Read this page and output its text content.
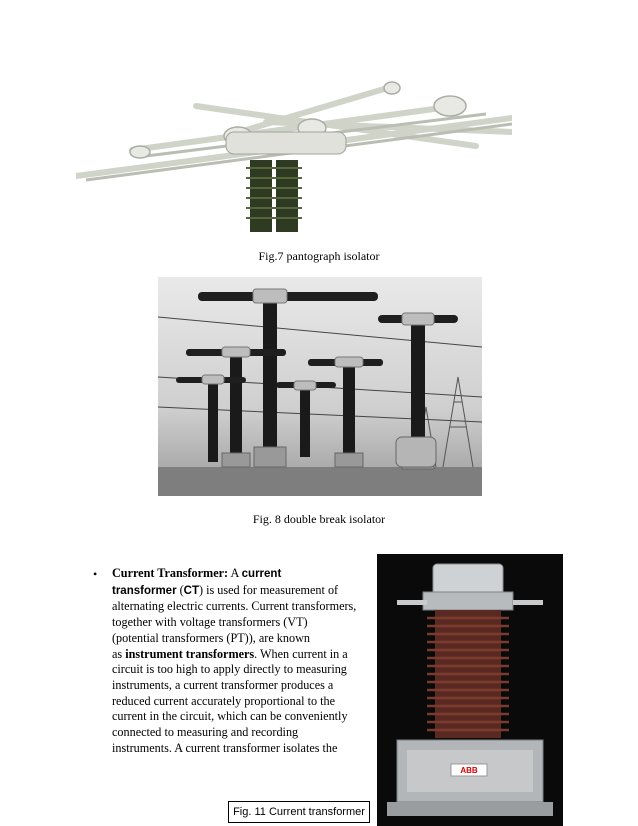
Fig.7 pantograph isolator
Fig. 8 double break isolator
• Current Transformer: A current
transformer (CT) is used for measurement of
alternating electric currents. Current transformers,
together with voltage transformers (VT)
(potential transformers (PT)), are known
as instrument transformers. When current in a
circuit is too high to apply directly to measuring
instruments, a current transformer produces a
reduced current accurately proportional to the
current in the circuit, which can be conveniently
connected to measuring and recording
instruments. A current transformer isolates the
ABB
Fig. 11 Current transformer
